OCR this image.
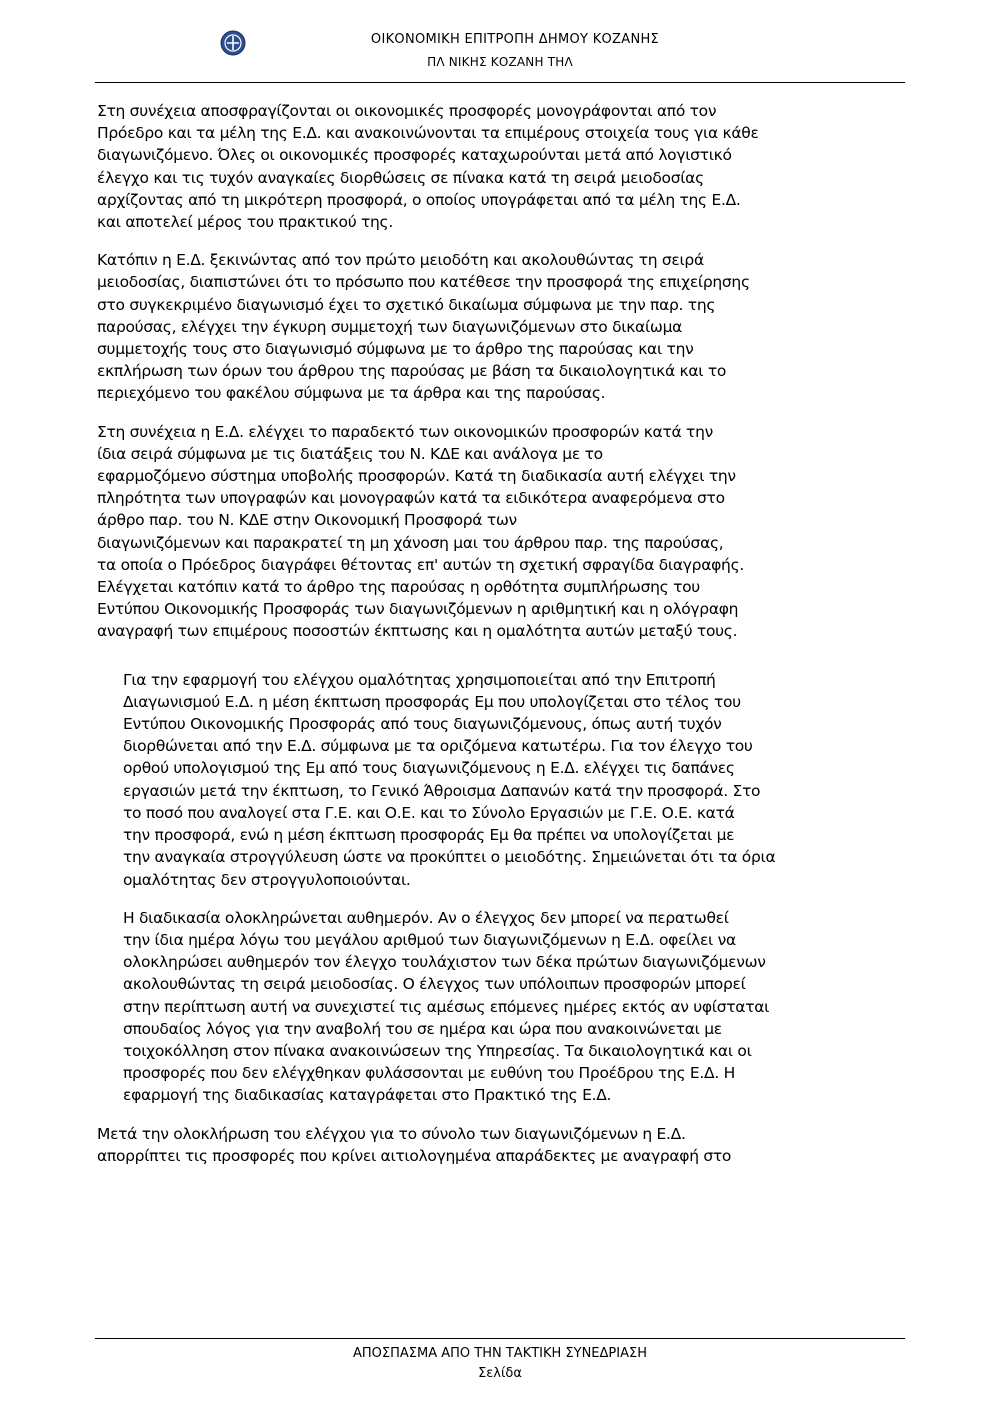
ΟΙΚΟΝΟΜΙΚΗ ΕΠΙΤΡΟΠΗ ΔΗΜΟΥ ΚΟΖΑΝΗΣ
ΠΛ ΝΙΚΗΣ ΚΟΖΑΝΗ ΤΗΛ

Στη συνέχεια αποσφραγίζονται οι οικονομικές προσφορές μονογράφονται από τον
Πρόεδρο και τα μέλη της Ε.Δ. και ανακοινώνονται τα επιμέρους στοιχεία τους για κάθε
διαγωνιζόμενο. Όλες οι οικονομικές προσφορές καταχωρούνται μετά από λογιστικό
έλεγχο και τις τυχόν αναγκαίες διορθώσεις σε πίνακα κατά τη σειρά μειοδοσίας
αρχίζοντας από τη μικρότερη προσφορά, ο οποίος υπογράφεται από τα μέλη της Ε.Δ.
και αποτελεί μέρος του πρακτικού της.

Κατόπιν η Ε.Δ. ξεκινώντας από τον πρώτο μειοδότη και ακολουθώντας τη σειρά
μειοδοσίας, διαπιστώνει ότι το πρόσωπο που κατέθεσε την προσφορά της επιχείρησης
στο συγκεκριμένο διαγωνισμό έχει το σχετικό δικαίωμα σύμφωνα με την παρ. της
παρούσας, ελέγχει την έγκυρη συμμετοχή των διαγωνιζόμενων στο δικαίωμα
συμμετοχής τους στο διαγωνισμό σύμφωνα με το άρθρο της παρούσας και την
εκπλήρωση των όρων του άρθρου της παρούσας με βάση τα δικαιολογητικά και το
περιεχόμενο του φακέλου σύμφωνα με τα άρθρα και της παρούσας.

Στη συνέχεια η Ε.Δ. ελέγχει το παραδεκτό των οικονομικών προσφορών κατά την
ίδια σειρά σύμφωνα με τις διατάξεις του Ν. ΚΔΕ και ανάλογα με το
εφαρμοζόμενο σύστημα υποβολής προσφορών. Κατά τη διαδικασία αυτή ελέγχει την
πληρότητα των υπογραφών και μονογραφών κατά τα ειδικότερα αναφερόμενα στο
άρθρο παρ. του Ν. ΚΔΕ στην Οικονομική Προσφορά των
διαγωνιζόμενων και παρακρατεί τη μη χάνοση μαι του άρθρου παρ. της παρούσας,
τα οποία ο Πρόεδρος διαγράφει θέτοντας επ' αυτών τη σχετική σφραγίδα διαγραφής.
Ελέγχεται κατόπιν κατά το άρθρο της παρούσας η ορθότητα συμπλήρωσης του
Εντύπου Οικονομικής Προσφοράς των διαγωνιζόμενων η αριθμητική και η ολόγραφη
αναγραφή των επιμέρους ποσοστών έκπτωσης και η ομαλότητα αυτών μεταξύ τους.

Για την εφαρμογή του ελέγχου ομαλότητας χρησιμοποιείται από την Επιτροπή
Διαγωνισμού Ε.Δ. η μέση έκπτωση προσφοράς Εμ που υπολογίζεται στο τέλος του
Εντύπου Οικονομικής Προσφοράς από τους διαγωνιζόμενους, όπως αυτή τυχόν
διορθώνεται από την Ε.Δ. σύμφωνα με τα οριζόμενα κατωτέρω. Για τον έλεγχο του
ορθού υπολογισμού της Εμ από τους διαγωνιζόμενους η Ε.Δ. ελέγχει τις δαπάνες
εργασιών μετά την έκπτωση, το Γενικό Άθροισμα Δαπανών κατά την προσφορά. Στο
το ποσό που αναλογεί στα Γ.Ε. και Ο.Ε. και το Σύνολο Εργασιών με Γ.Ε. Ο.Ε. κατά
την προσφορά, ενώ η μέση έκπτωση προσφοράς Εμ θα πρέπει να υπολογίζεται με
την αναγκαία στρογγύλευση ώστε να προκύπτει ο μειοδότης. Σημειώνεται ότι τα όρια
ομαλότητας δεν στρογγυλοποιούνται.

Η διαδικασία ολοκληρώνεται αυθημερόν. Αν ο έλεγχος δεν μπορεί να περατωθεί
την ίδια ημέρα λόγω του μεγάλου αριθμού των διαγωνιζόμενων η Ε.Δ. οφείλει να
ολοκληρώσει αυθημερόν τον έλεγχο τουλάχιστον των δέκα πρώτων διαγωνιζόμενων
ακολουθώντας τη σειρά μειοδοσίας. Ο έλεγχος των υπόλοιπων προσφορών μπορεί
στην περίπτωση αυτή να συνεχιστεί τις αμέσως επόμενες ημέρες εκτός αν υφίσταται
σπουδαίος λόγος για την αναβολή του σε ημέρα και ώρα που ανακοινώνεται με
τοιχοκόλληση στον πίνακα ανακοινώσεων της Υπηρεσίας. Τα δικαιολογητικά και οι
προσφορές που δεν ελέγχθηκαν φυλάσσονται με ευθύνη του Προέδρου της Ε.Δ. Η
εφαρμογή της διαδικασίας καταγράφεται στο Πρακτικό της Ε.Δ.

Μετά την ολοκλήρωση του ελέγχου για το σύνολο των διαγωνιζόμενων η Ε.Δ.
απορρίπτει τις προσφορές που κρίνει αιτιολογημένα απαράδεκτες με αναγραφή στο

ΑΠΟΣΠΑΣΜΑ ΑΠΟ ΤΗΝ ΤΑΚΤΙΚΗ ΣΥΝΕΔΡΙΑΣΗ
Σελίδα
